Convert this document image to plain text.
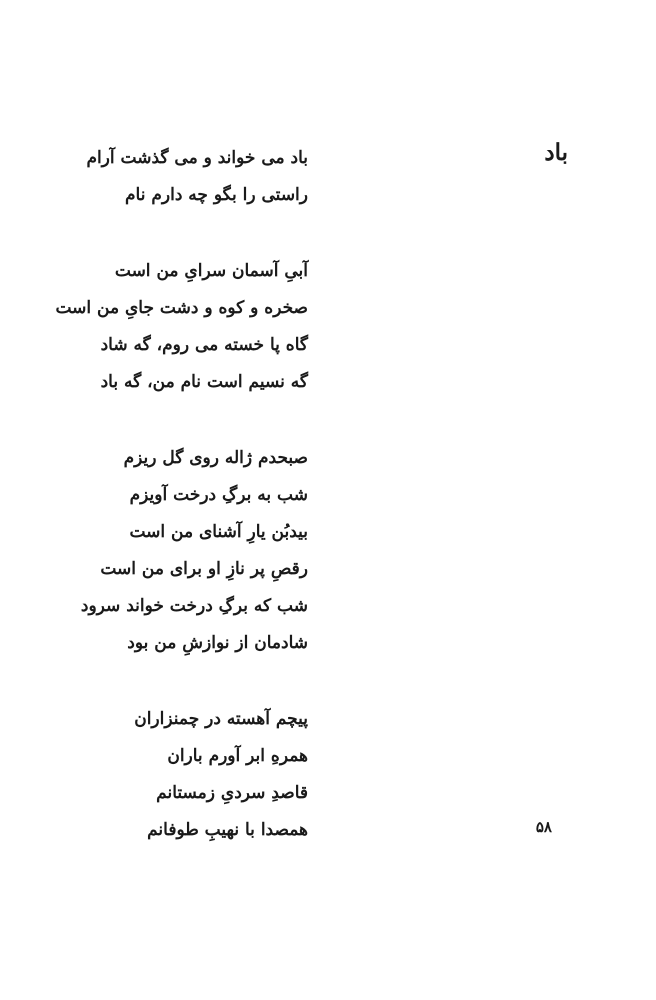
باد
باد می خواند و می گذشت آرام
راستی را بگو چه دارم نام
آبیِ آسمان سرایِ من است
صخره و کوه و دشت جایِ من است
گاه پا خسته می روم، گه شاد
گه نسیم است نام من، گه باد
صبحدم ژاله روی گل ریزم
شب به برگِ درخت آویزم
بیدبُن یارِ آشنای من است
رقصِ پر نازِ او برای من است
شب که برگِ درخت خواند سرود
شادمان از نوازشِ من بود
پیچم آهسته در چمنزاران
همرهِ ابر آورم باران
قاصدِ سردیِ زمستانم
همصدا با نهیبِ طوفانم	۵۸
